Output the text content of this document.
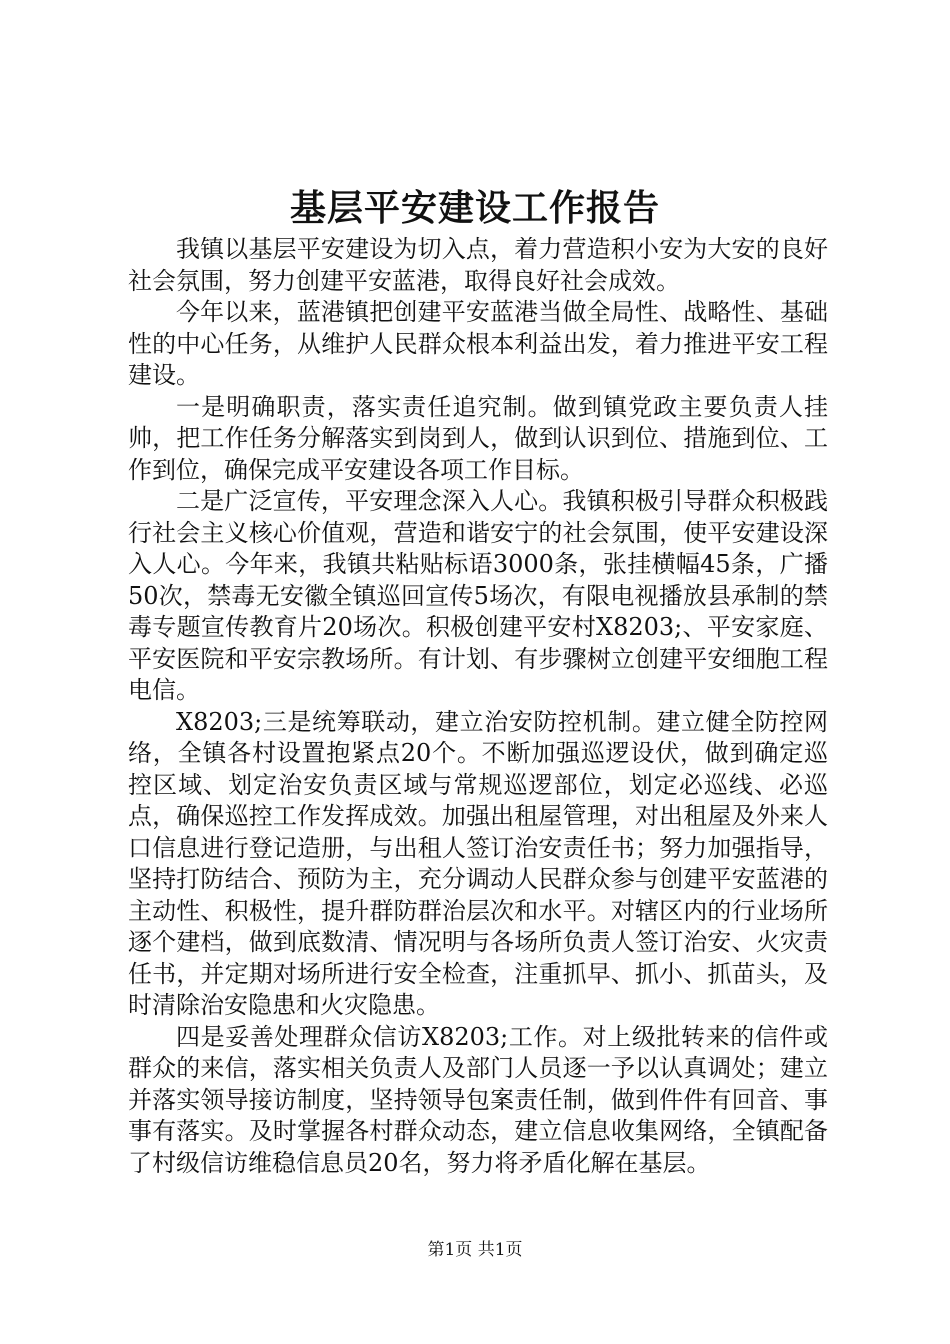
基层平安建设工作报告

我镇以基层平安建设为切入点，着力营造积小安为大安的良好社会氛围，努力创建平安蓝港，取得良好社会成效。

今年以来，蓝港镇把创建平安蓝港当做全局性、战略性、基础性的中心任务，从维护人民群众根本利益出发，着力推进平安工程建设。

一是明确职责，落实责任追究制。做到镇党政主要负责人挂帅，把工作任务分解落实到岗到人，做到认识到位、措施到位、工作到位，确保完成平安建设各项工作目标。

二是广泛宣传，平安理念深入人心。我镇积极引导群众积极践行社会主义核心价值观，营造和谐安宁的社会氛围，使平安建设深入人心。今年来，我镇共粘贴标语3000条，张挂横幅45条，广播50次，禁毒无安徽全镇巡回宣传5场次，有限电视播放县承制的禁毒专题宣传教育片20场次。积极创建平安村X8203;、平安家庭、平安医院和平安宗教场所。有计划、有步骤树立创建平安细胞工程电信。

X8203;三是统筹联动，建立治安防控机制。建立健全防控网络，全镇各村设置抱紧点20个。不断加强巡逻设伏，做到确定巡控区域、划定治安负责区域与常规巡逻部位，划定必巡线、必巡点，确保巡控工作发挥成效。加强出租屋管理，对出租屋及外来人口信息进行登记造册，与出租人签订治安责任书；努力加强指导，坚持打防结合、预防为主，充分调动人民群众参与创建平安蓝港的主动性、积极性，提升群防群治层次和水平。对辖区内的行业场所逐个建档，做到底数清、情况明与各场所负责人签订治安、火灾责任书，并定期对场所进行安全检查，注重抓早、抓小、抓苗头，及时清除治安隐患和火灾隐患。

四是妥善处理群众信访X8203;工作。对上级批转来的信件或群众的来信，落实相关负责人及部门人员逐一予以认真调处；建立并落实领导接访制度，坚持领导包案责任制，做到件件有回音、事事有落实。及时掌握各村群众动态，建立信息收集网络，全镇配备了村级信访维稳信息员20名，努力将矛盾化解在基层。

第1页 共1页
